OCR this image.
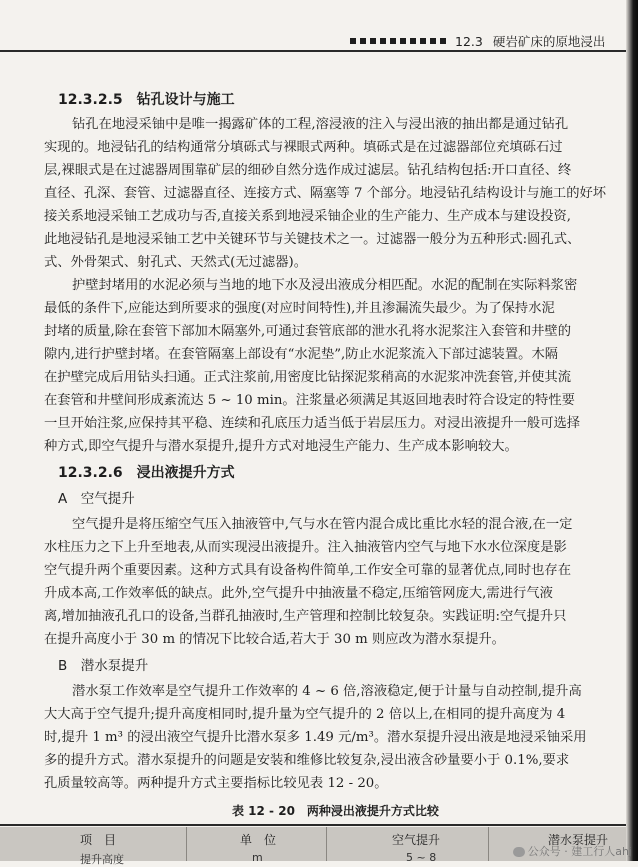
12.3 硬岩矿床的原地浸出
12.3.2.5  钻孔设计与施工
钻孔在地浸采铀中是唯一揭露矿体的工程,溶浸液的注入与浸出液的抽出都是通过钻孔
实现的。地浸钻孔的结构通常分填砾式与裸眼式两种。填砾式是在过滤器部位充填砾石过
层,裸眼式是在过滤器周围靠矿层的细砂自然分选作成过滤层。钻孔结构包括:开口直径、终
直径、孔深、套管、过滤器直径、连接方式、隔塞等 7 个部分。地浸钻孔结构设计与施工的好坏
接关系地浸采铀工艺成功与否,直接关系到地浸采铀企业的生产能力、生产成本与建设投资,
此地浸钻孔是地浸采铀工艺中关键环节与关键技术之一。过滤器一般分为五种形式:圆孔式、
式、外骨架式、射孔式、天然式(无过滤器)。
护壁封堵用的水泥必须与当地的地下水及浸出液成分相匹配。水泥的配制在实际料浆密
最低的条件下,应能达到所要求的强度(对应时间特性),并且渗漏流失最少。为了保持水泥
封堵的质量,除在套管下部加木隔塞外,可通过套管底部的泄水孔将水泥浆注入套管和井壁的
隙内,进行护壁封堵。在套管隔塞上部设有“水泥垫”,防止水泥浆流入下部过滤装置。木隔
在护壁完成后用钻头扫通。正式注浆前,用密度比钻探泥浆稍高的水泥浆冲洗套管,并使其流
在套管和井壁间形成紊流达 5 ~ 10 min。注浆量必须满足其返回地表时符合设定的特性要
一旦开始注浆,应保持其平稳、连续和孔底压力适当低于岩层压力。对浸出液提升一般可选择
种方式,即空气提升与潜水泵提升,提升方式对地浸生产能力、生产成本影响较大。
12.3.2.6  浸出液提升方式
A  空气提升
空气提升是将压缩空气压入抽液管中,气与水在管内混合成比重比水轻的混合液,在一定
水柱压力之下上升至地表,从而实现浸出液提升。注入抽液管内空气与地下水水位深度是影
空气提升两个重要因素。这种方式具有设备构件简单,工作安全可靠的显著优点,同时也存在
升成本高,工作效率低的缺点。此外,空气提升中抽液量不稳定,压缩管网庞大,需进行气液
离,增加抽液孔孔口的设备,当群孔抽液时,生产管理和控制比较复杂。实践证明:空气提升只
在提升高度小于 30 m 的情况下比较合适,若大于 30 m 则应改为潜水泵提升。
B  潜水泵提升
潜水泵工作效率是空气提升工作效率的 4 ~ 6 倍,溶液稳定,便于计量与自动控制,提升高
大大高于空气提升;提升高度相同时,提升量为空气提升的 2 倍以上,在相同的提升高度为 4
时,提升 1 m³ 的浸出液空气提升比潜水泵多 1.49 元/m³。潜水泵提升浸出液是地浸采铀采用
多的提升方式。潜水泵提升的问题是安装和维修比较复杂,浸出液含砂量要小于 0.1%,要求
孔质量较高等。两种提升方式主要指标比较见表 12 - 20。
表 12 - 20　两种浸出液提升方式比较
项　目	单　位	空气提升	潜水泵提升
提升高度	m	5 ~ 8	公众号 · 建工行人ahj
